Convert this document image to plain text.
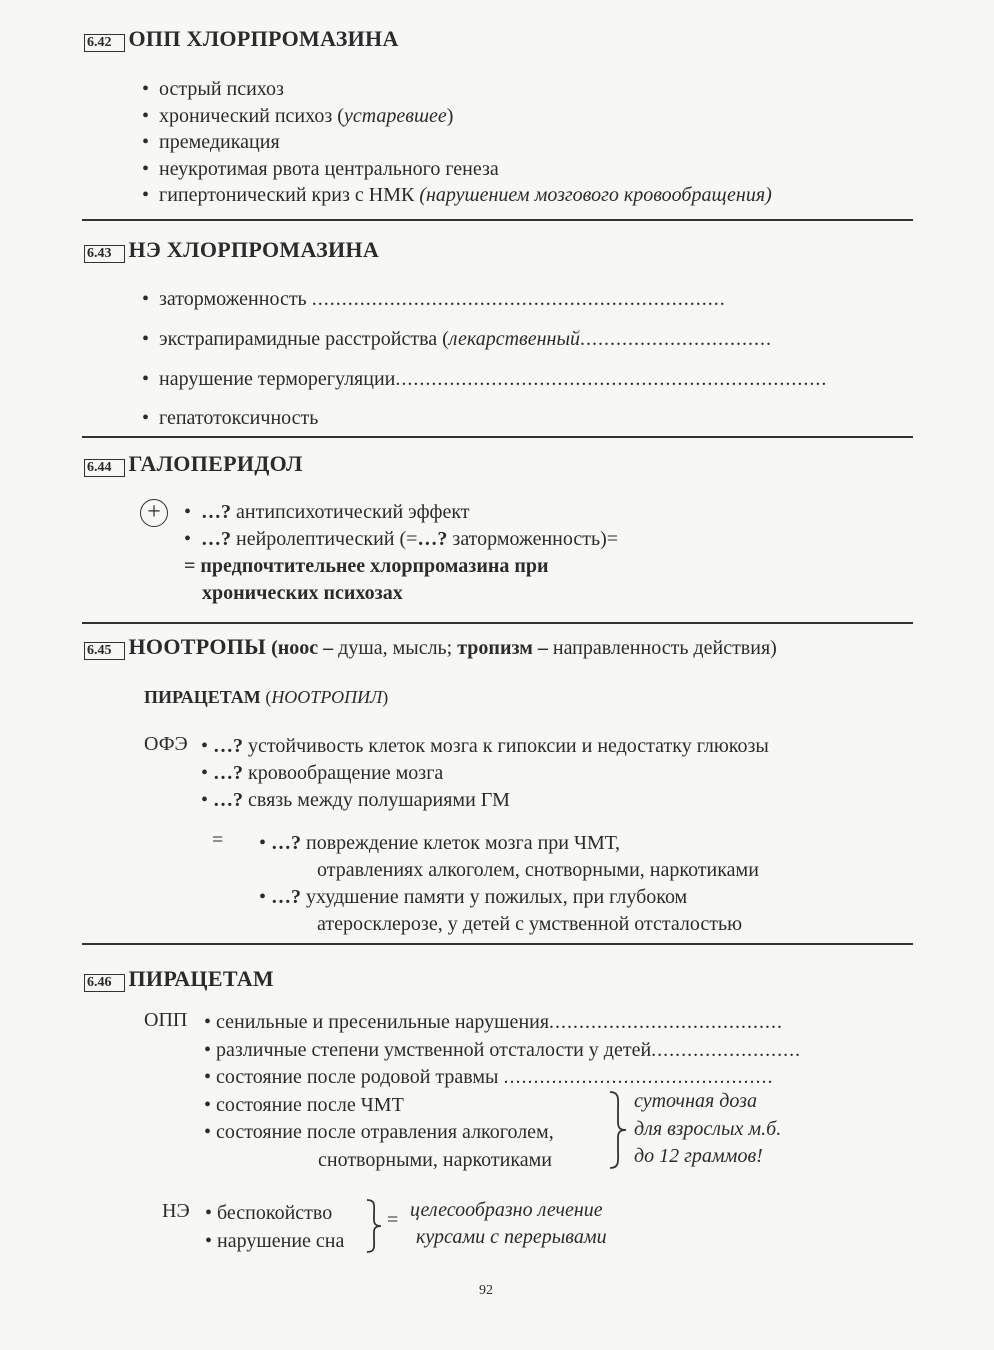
6.42 ОПП ХЛОРПРОМАЗИНА
•  острый психоз
•  хронический психоз (устаревшее)
•  премедикация
•  неукротимая рвота центрального генеза
•  гипертонический криз с НМК (нарушением мозгового кровообращения)
6.43 НЭ ХЛОРПРОМАЗИНА
•  заторможенность .....................................................................
•  экстрапирамидные расстройства (лекарственный................................
•  нарушение терморегуляции........................................................................
•  гепатотоксичность
6.44 ГАЛОПЕРИДОЛ
+	•  …? антипсихотический эффект
•  …? нейролептический (=…? заторможенность)=
= предпочтительнее хлорпромазина при
хронических психозах
6.45 НООТРОПЫ (ноос – душа, мысль; тропизм – направленность действия)
ПИРАЦЕТАМ (НООТРОПИЛ)
ОФЭ • …? устойчивость клеток мозга к гипоксии и недостатку глюкозы
• …? кровообращение мозга
• …? связь между полушариями ГМ
= • …? повреждение клеток мозга при ЧМТ,
отравлениях алкоголем, снотворными, наркотиками
• …? ухудшение памяти у пожилых, при глубоком
атеросклерозе, у детей с умственной отсталостью
6.46 ПИРАЦЕТАМ
ОПП • сенильные и пресенильные нарушения.......................................
• различные степени умственной отсталости у детей.........................
• состояние после родовой травмы .............................................
• состояние после ЧМТ
• состояние после отравления алкоголем,
снотворными, наркотиками
суточная доза
для взрослых м.б.
до 12 граммов!
НЭ • беспокойство
• нарушение сна
= целесообразно лечение
курсами с перерывами
92
